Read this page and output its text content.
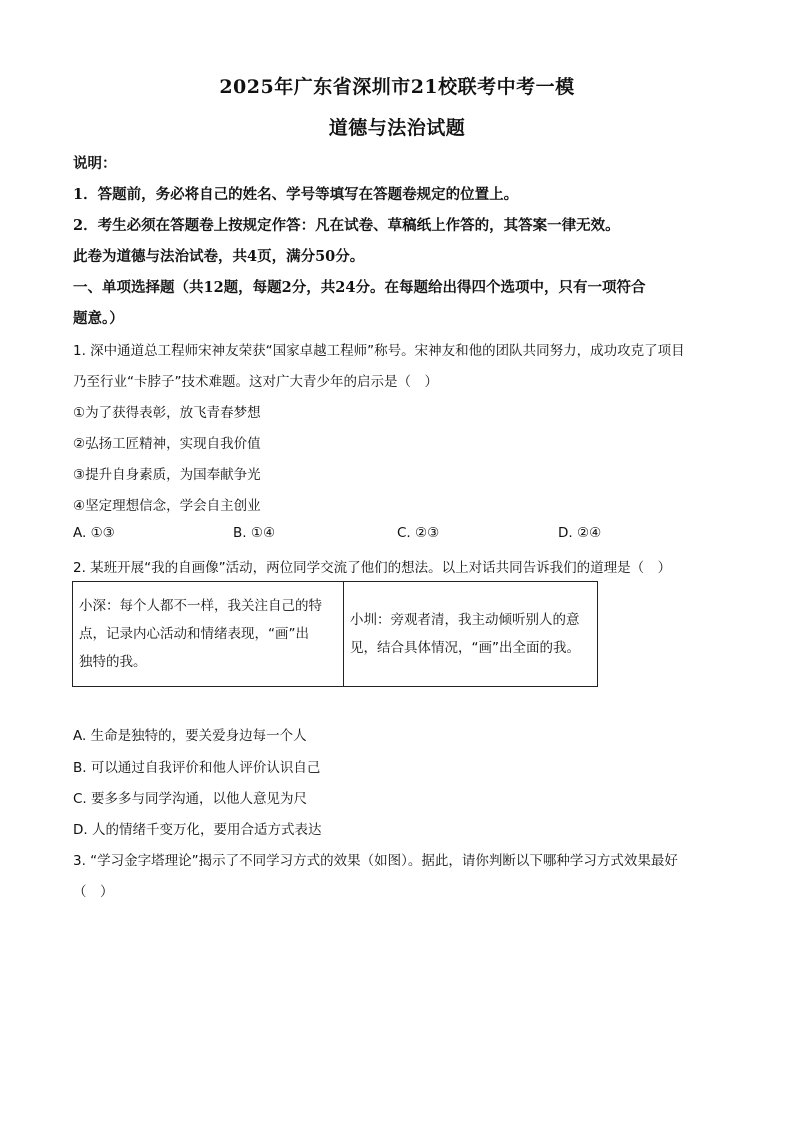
2025年广东省深圳市21校联考中考一模
道德与法治试题
说明：
1．答题前，务必将自己的姓名、学号等填写在答题卷规定的位置上。
2．考生必须在答题卷上按规定作答：凡在试卷、草稿纸上作答的，其答案一律无效。
此卷为道德与法治试卷，共4页，满分50分。
一、单项选择题（共12题，每题2分，共24分。在每题给出得四个选项中，只有一项符合
题意。）
1. 深中通道总工程师宋神友荣获“国家卓越工程师”称号。宋神友和他的团队共同努力，成功攻克了项目
乃至行业“卡脖子”技术难题。这对广大青少年的启示是（　）
①为了获得表彰，放飞青春梦想
②弘扬工匠精神，实现自我价值
③提升自身素质，为国奉献争光
④坚定理想信念，学会自主创业
A. ①③	B. ①④	C. ②③	D. ②④
2. 某班开展“我的自画像”活动，两位同学交流了他们的想法。以上对话共同告诉我们的道理是（　）
小深：每个人都不一样，我关注自己的特
点，记录内心活动和情绪表现，“画”出
独特的我。

小圳：旁观者清，我主动倾听别人的意
见，结合具体情况，“画”出全面的我。
A. 生命是独特的，要关爱身边每一个人
B. 可以通过自我评价和他人评价认识自己
C. 要多多与同学沟通，以他人意见为尺
D. 人的情绪千变万化，要用合适方式表达
3. “学习金字塔理论”揭示了不同学习方式的效果（如图）。据此，请你判断以下哪种学习方式效果最好
（　）
